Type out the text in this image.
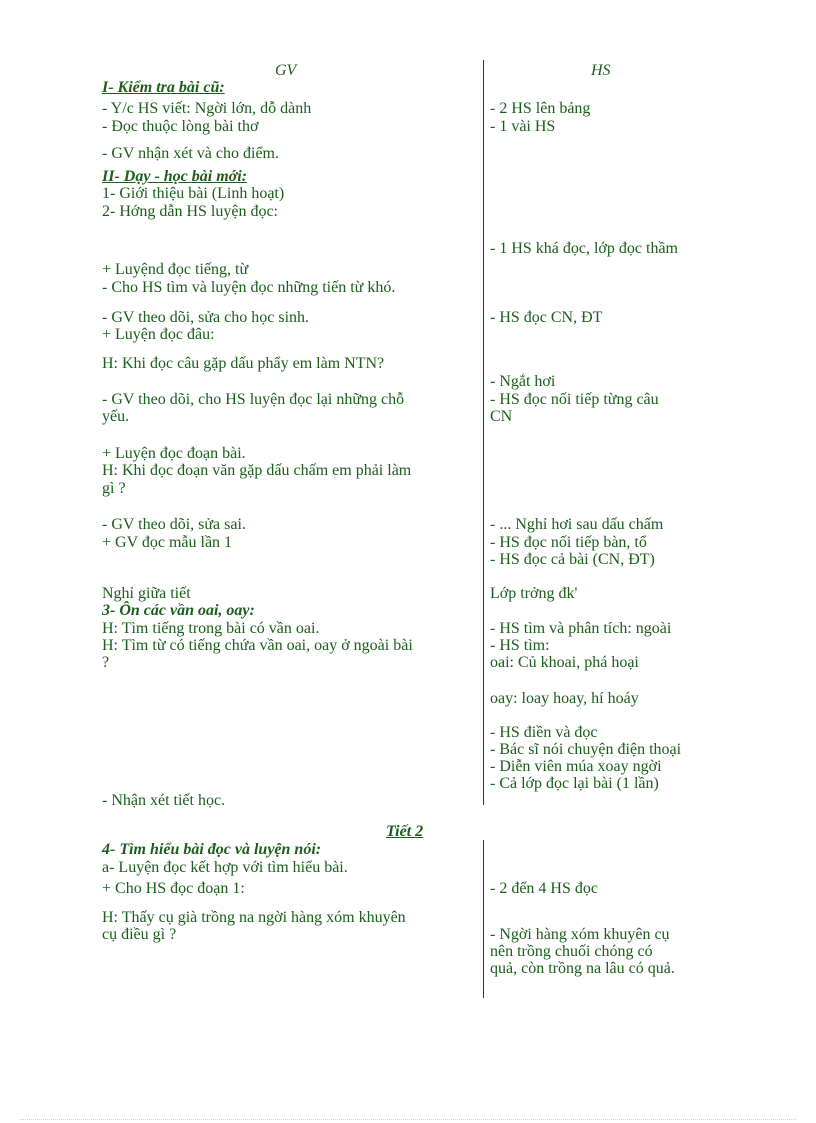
GV	HS
I- Kiểm tra bài cũ:
II- Dạy - học bài mới:
3- Ôn các vần oai, oay:
Tiết 2
4- Tìm hiểu bài đọc và luyện nói:
- Y/c HS viết: Ngời lớn, dỗ dành
- Đọc thuộc lòng bài thơ
- GV nhận xét và cho điểm.
1- Giới thiệu bài (Linh hoạt)
2- Hớng dẫn HS luyện đọc:
+ Luyệnd đọc tiếng, từ
- Cho HS tìm và luyện đọc những tiến từ khó.
- GV theo dõi, sửa cho học sinh.
+ Luyện đọc đâu:
H: Khi đọc câu gặp dấu phẩy em làm NTN?
- GV theo dõi, cho HS luyện đọc lại những chỗ
yếu.
+ Luyện đọc đoạn bài.
H: Khi đọc đoạn văn gặp dấu chấm em phải làm
gì ?
- GV theo dõi, sửa sai.
+ GV đọc mẫu lần 1
Nghỉ giữa tiết
H: Tìm tiếng trong bài có vần oai.
H: Tìm từ có tiếng chứa vần oai, oay ở ngoài bài
?
- Nhận xét tiết học.
a- Luyện đọc kết hợp với tìm hiểu bài.
+ Cho HS đọc đoạn 1:
H: Thấy cụ già trồng na ngời hàng xóm khuyên
cụ điều gì ?
- 2 HS lên bảng
- 1 vài HS
- 1 HS khá đọc, lớp đọc thầm
- HS đọc CN, ĐT
- Ngắt hơi
- HS đọc nối tiếp từng câu
CN
- ... Nghỉ hơi sau dấu chấm
- HS đọc nối tiếp bàn, tổ
- HS đọc cả bài (CN, ĐT)
Lớp trởng đk'
- HS tìm và phân tích: ngoài
- HS tìm:
oai: Củ khoai, phá hoại
oay: loay hoay, hí hoáy
- HS điền và đọc
- Bác sĩ nói chuyện điện thoại
- Diễn viên múa xoay ngời
- Cả lớp đọc lại bài (1 lần)
- 2 đến 4 HS đọc
- Ngời hàng xóm khuyên cụ
nên trồng chuối chóng có
quả, còn trồng na lâu có quả.
